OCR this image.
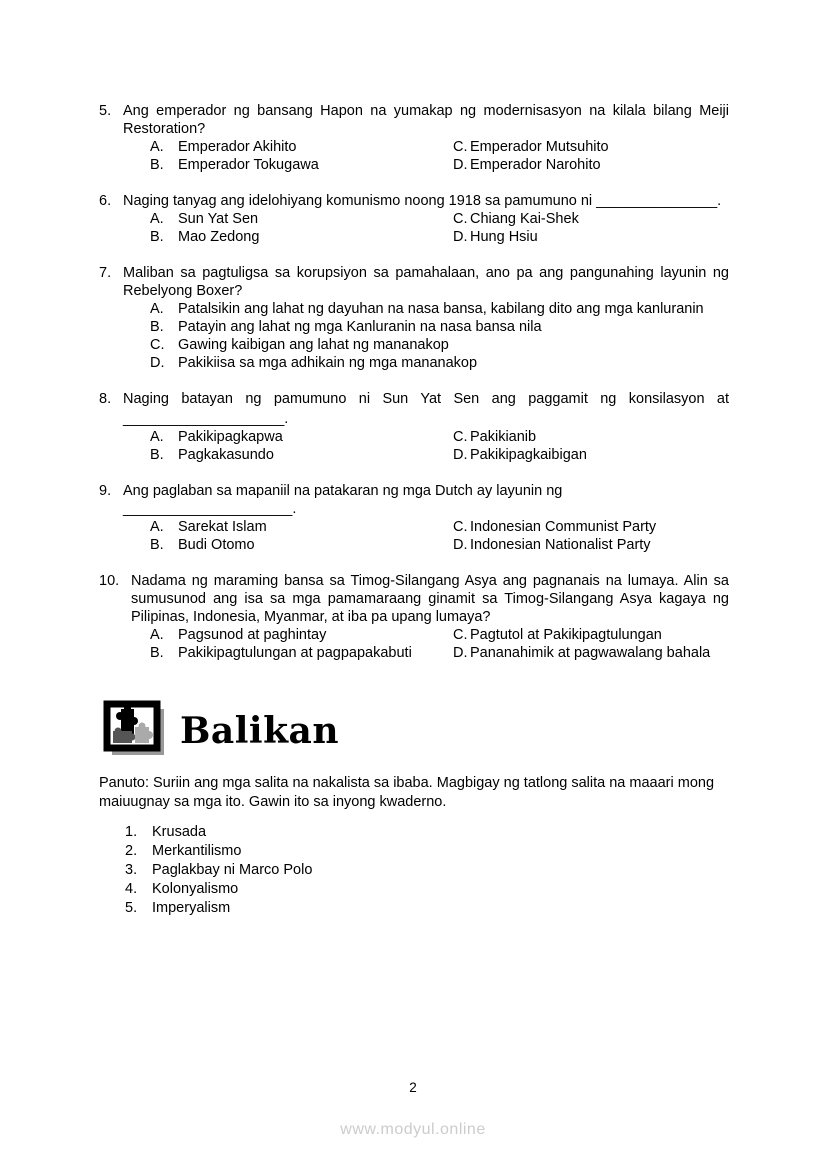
5. Ang emperador ng bansang Hapon na yumakap ng modernisasyon na kilala bilang Meiji Restoration?
A. Emperador Akihito
B. Emperador Tokugawa
C. Emperador Mutsuhito
D. Emperador Narohito
6. Naging tanyag ang idelohiyang komunismo noong 1918 sa pamumuno ni _______________.
A. Sun Yat Sen
B. Mao Zedong
C. Chiang Kai-Shek
D. Hung Hsiu
7. Maliban sa pagtuligsa sa korupsiyon sa pamahalaan, ano pa ang pangunahing layunin ng Rebelyong Boxer?
A. Patalsikin ang lahat ng dayuhan na nasa bansa, kabilang dito ang mga kanluranin
B. Patayin ang lahat ng mga Kanluranin na nasa bansa nila
C. Gawing kaibigan ang lahat ng mananakop
D. Pakikiisa sa mga adhikain ng mga mananakop
8. Naging batayan ng pamumuno ni Sun Yat Sen ang paggamit ng konsilasyon at
____________________.
A. Pakikipagkapwa
B. Pagkakasundo
C. Pakikianib
D. Pakikipagkaibigan
9. Ang paglaban sa mapaniil na patakaran ng mga Dutch ay layunin ng _____________________.
A. Sarekat Islam
B. Budi Otomo
C. Indonesian Communist Party
D. Indonesian Nationalist Party
10. Nadama ng maraming bansa sa Timog-Silangang Asya ang pagnanais na lumaya. Alin sa sumusunod ang isa sa mga pamamaraang ginamit sa Timog-Silangang Asya kagaya ng Pilipinas, Indonesia, Myanmar, at iba pa upang lumaya?
A. Pagsunod at paghintay
B. Pakikipagtulungan at pagpapakabuti
C. Pagtutol at Pakikipagtulungan
D. Pananahimik at pagwawalang bahala
Balikan
Panuto: Suriin ang mga salita na nakalista sa ibaba. Magbigay ng tatlong salita na maaari mong maiuugnay sa mga ito. Gawin ito sa inyong kwaderno.
1. Krusada
2. Merkantilismo
3. Paglakbay ni Marco Polo
4. Kolonyalismo
5. Imperyalism
2
www.modyul.online
